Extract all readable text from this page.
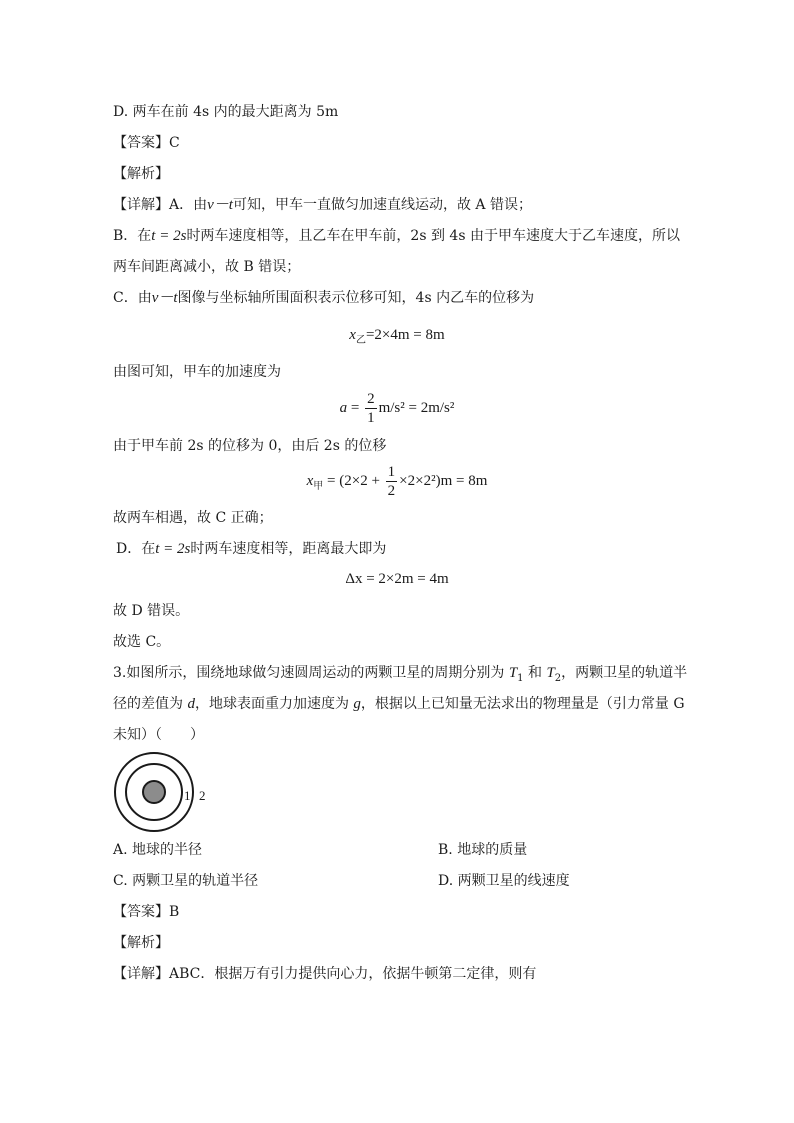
D. 两车在前 4s 内的最大距离为 5m
【答案】C
【解析】
【详解】A．由v－t可知，甲车一直做匀加速直线运动，故 A 错误；
B．在t = 2s时两车速度相等，且乙车在甲车前，2s 到 4s 由于甲车速度大于乙车速度，所以
两车间距离减小，故 B 错误；
C．由v－t图像与坐标轴所围面积表示位移可知，4s 内乙车的位移为
$x_乙=2\times 4m = 8m$
由图可知，甲车的加速度为
$a = \frac{2}{1} m/s^2 = 2m/s^2$
由于甲车前 2s 的位移为 0，由后 2s 的位移
$x_甲 = (2\times 2 + \frac{1}{2} \times 2\times 2^2)m = 8m$
故两车相遇，故 C 正确；
D．在t = 2s时两车速度相等，距离最大即为
Δx = 2×2m = 4m
故 D 错误。
故选 C。
3.如图所示，围绕地球做匀速圆周运动的两颗卫星的周期分别为 $T_1$ 和 $T_2$，两颗卫星的轨道半
径的差值为 d，地球表面重力加速度为 g，根据以上已知量无法求出的物理量是（引力常量 G
未知）（　　）
1 2
A. 地球的半径	B. 地球的质量
C. 两颗卫星的轨道半径	D. 两颗卫星的线速度
【答案】B
【解析】
【详解】ABC．根据万有引力提供向心力，依据牛顿第二定律，则有
